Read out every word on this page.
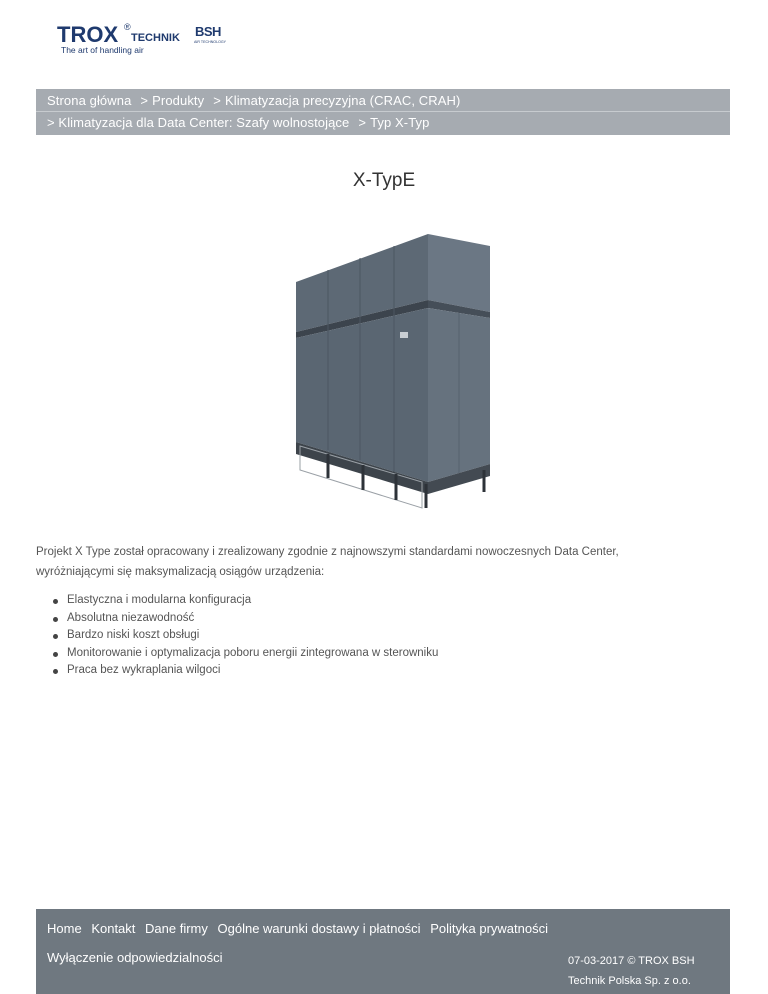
TROX ®
TECHNIK
The art of handling air
BSH
AIR TECHNOLOGY
Strona główna > Produkty > Klimatyzacja precyzyjna (CRAC, CRAH)
> Klimatyzacja dla Data Center: Szafy wolnostojące > Typ X-Typ
X-TypE

Projekt X Type został opracowany i zrealizowany zgodnie z najnowszymi standardami nowoczesnych Data Center,
wyróżniającymi się maksymalizacją osiągów urządzenia:

Elastyczna i modularna konfiguracja
Absolutna niezawodność
Bardzo niski koszt obsługi
Monitorowanie i optymalizacja poboru energii zintegrowana w sterowniku
Praca bez wykraplania wilgoci
Home Kontakt Dane firmy Ogólne warunki dostawy i płatności Polityka prywatności
Wyłączenie odpowiedzialności	07-03-2017 © TROX BSH
Technik Polska Sp. z o.o.
